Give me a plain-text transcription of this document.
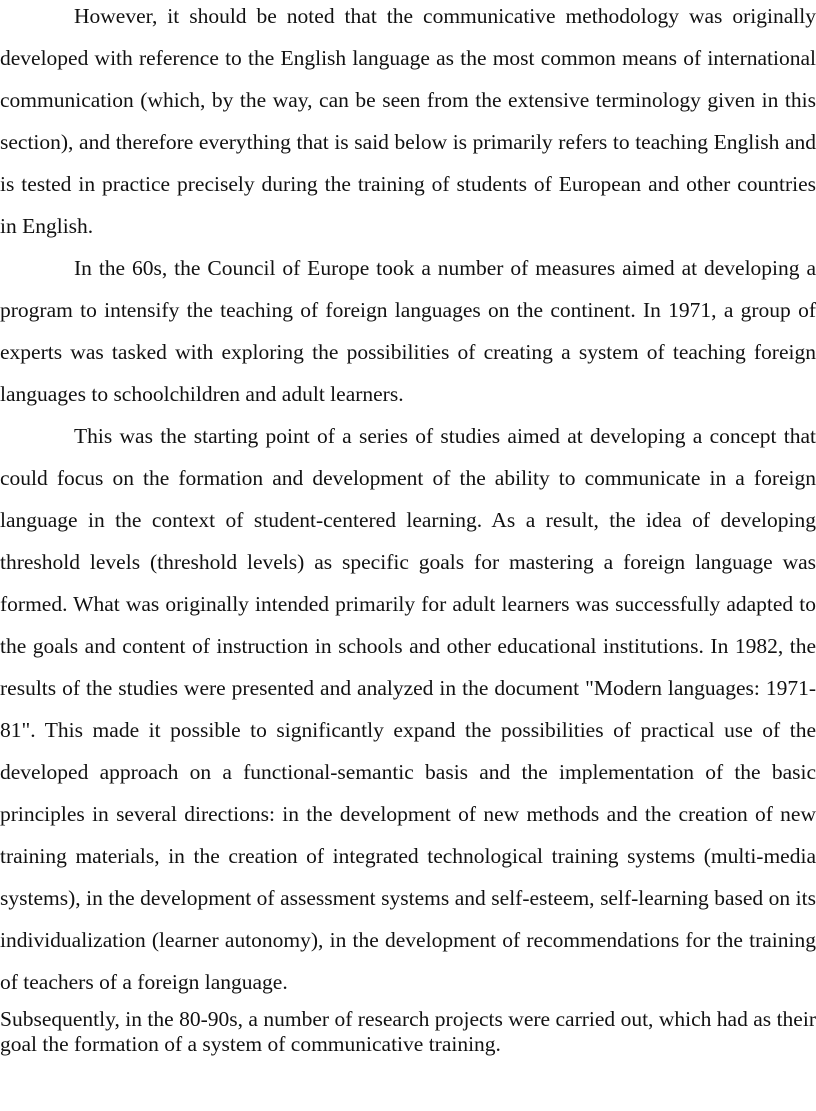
However, it should be noted that the communicative methodology was originally developed with reference to the English language as the most common means of international communication (which, by the way, can be seen from the extensive terminology given in this section), and therefore everything that is said below is primarily refers to teaching English and is tested in practice precisely during the training of students of European and other countries in English.

In the 60s, the Council of Europe took a number of measures aimed at developing a program to intensify the teaching of foreign languages on the continent. In 1971, a group of experts was tasked with exploring the possibilities of creating a system of teaching foreign languages to schoolchildren and adult learners.

This was the starting point of a series of studies aimed at developing a concept that could focus on the formation and development of the ability to communicate in a foreign language in the context of student-centered learning. As a result, the idea of developing threshold levels (threshold levels) as specific goals for mastering a foreign language was formed. What was originally intended primarily for adult learners was successfully adapted to the goals and content of instruction in schools and other educational institutions. In 1982, the results of the studies were presented and analyzed in the document "Modern languages: 1971-81". This made it possible to significantly expand the possibilities of practical use of the developed approach on a functional-semantic basis and the implementation of the basic principles in several directions: in the development of new methods and the creation of new training materials, in the creation of integrated technological training systems (multi-media systems), in the development of assessment systems and self-esteem, self-learning based on its individualization (learner autonomy), in the development of recommendations for the training of teachers of a foreign language.

Subsequently, in the 80-90s, a number of research projects were carried out, which had as their goal the formation of a system of communicative training.
